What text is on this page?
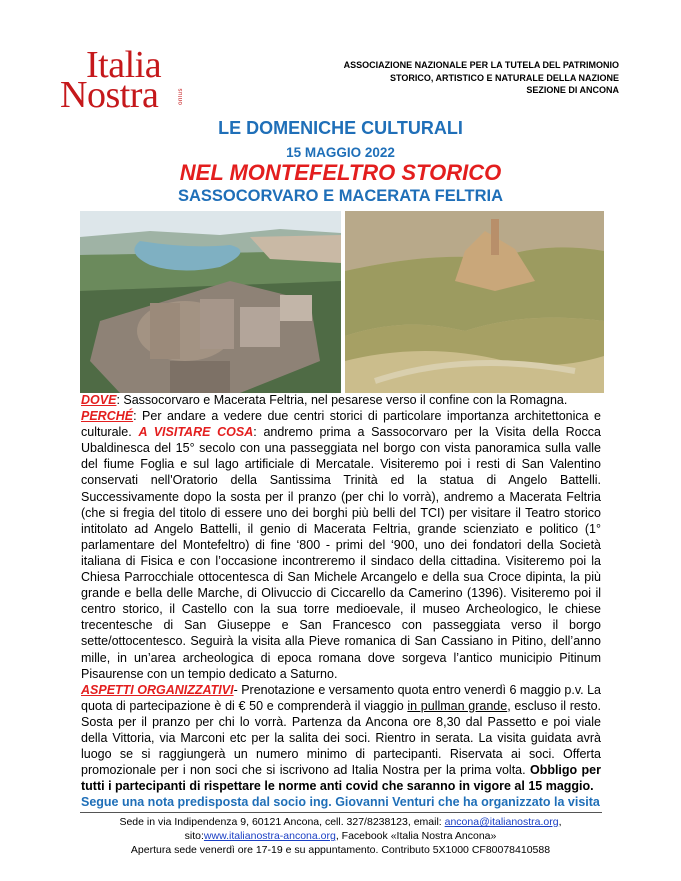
Italia
Nostra	onlus
ASSOCIAZIONE NAZIONALE PER LA TUTELA DEL PATRIMONIO
STORICO, ARTISTICO E NATURALE DELLA NAZIONE
SEZIONE DI ANCONA
LE DOMENICHE CULTURALI
15 MAGGIO 2022
NEL MONTEFELTRO STORICO
SASSOCORVARO E MACERATA FELTRIA

DOVE: Sassocorvaro e Macerata Feltria, nel pesarese verso il confine con la Romagna.

PERCHÉ: Per andare a vedere due centri storici di particolare importanza architettonica e culturale. A VISITARE COSA: andremo prima a Sassocorvaro per la Visita della Rocca Ubaldinesca del 15° secolo con una passeggiata nel borgo con vista panoramica sulla valle del fiume Foglia e sul lago artificiale di Mercatale. Visiteremo poi i resti di San Valentino conservati nell'Oratorio della Santissima Trinità ed la statua di Angelo Battelli. Successivamente dopo la sosta per il pranzo (per chi lo vorrà), andremo a Macerata Feltria (che si fregia del titolo di essere uno dei borghi più belli del TCI) per visitare il Teatro storico intitolato ad Angelo Battelli, il genio di Macerata Feltria, grande scienziato e politico (1° parlamentare del Montefeltro) di fine ‘800 - primi del ‘900, uno dei fondatori della Società italiana di Fisica e con l’occasione incontreremo il sindaco della cittadina. Visiteremo poi la Chiesa Parrocchiale ottocentesca di San Michele Arcangelo e della sua Croce dipinta, la più grande e bella delle Marche, di Olivuccio di Ciccarello da Camerino (1396). Visiteremo poi il centro storico, il Castello con la sua torre medioevale, il museo Archeologico, le chiese trecentesche di San Giuseppe e San Francesco con passeggiata verso il borgo sette/ottocentesco. Seguirà la visita alla Pieve romanica di San Cassiano in Pitino, dell’anno mille, in un’area archeologica di epoca romana dove sorgeva l’antico municipio Pitinum Pisaurense con un tempio dedicato a Saturno.

ASPETTI ORGANIZZATIVI- Prenotazione e versamento quota entro venerdì 6 maggio p.v. La quota di partecipazione è di € 50 e comprenderà il viaggio in pullman grande, escluso il resto. Sosta per il pranzo per chi lo vorrà. Partenza da Ancona ore 8,30 dal Passetto e poi viale della Vittoria, via Marconi etc per la salita dei soci. Rientro in serata. La visita guidata avrà luogo se si raggiungerà un numero minimo di partecipanti. Riservata ai soci. Offerta promozionale per i non soci che si iscrivono ad Italia Nostra per la prima volta. Obbligo per tutti i partecipanti di rispettare le norme anti covid che saranno in vigore al 15 maggio.

Segue una nota predisposta dal socio ing. Giovanni Venturi che ha organizzato la visita

Sede in via Indipendenza 9, 60121 Ancona, cell. 327/8238123, email: ancona@italianostra.org,
sito:www.italianostra-ancona.org, Facebook «Italia Nostra Ancona»
Apertura sede venerdì ore 17-19 e su appuntamento. Contributo 5X1000 CF80078410588
